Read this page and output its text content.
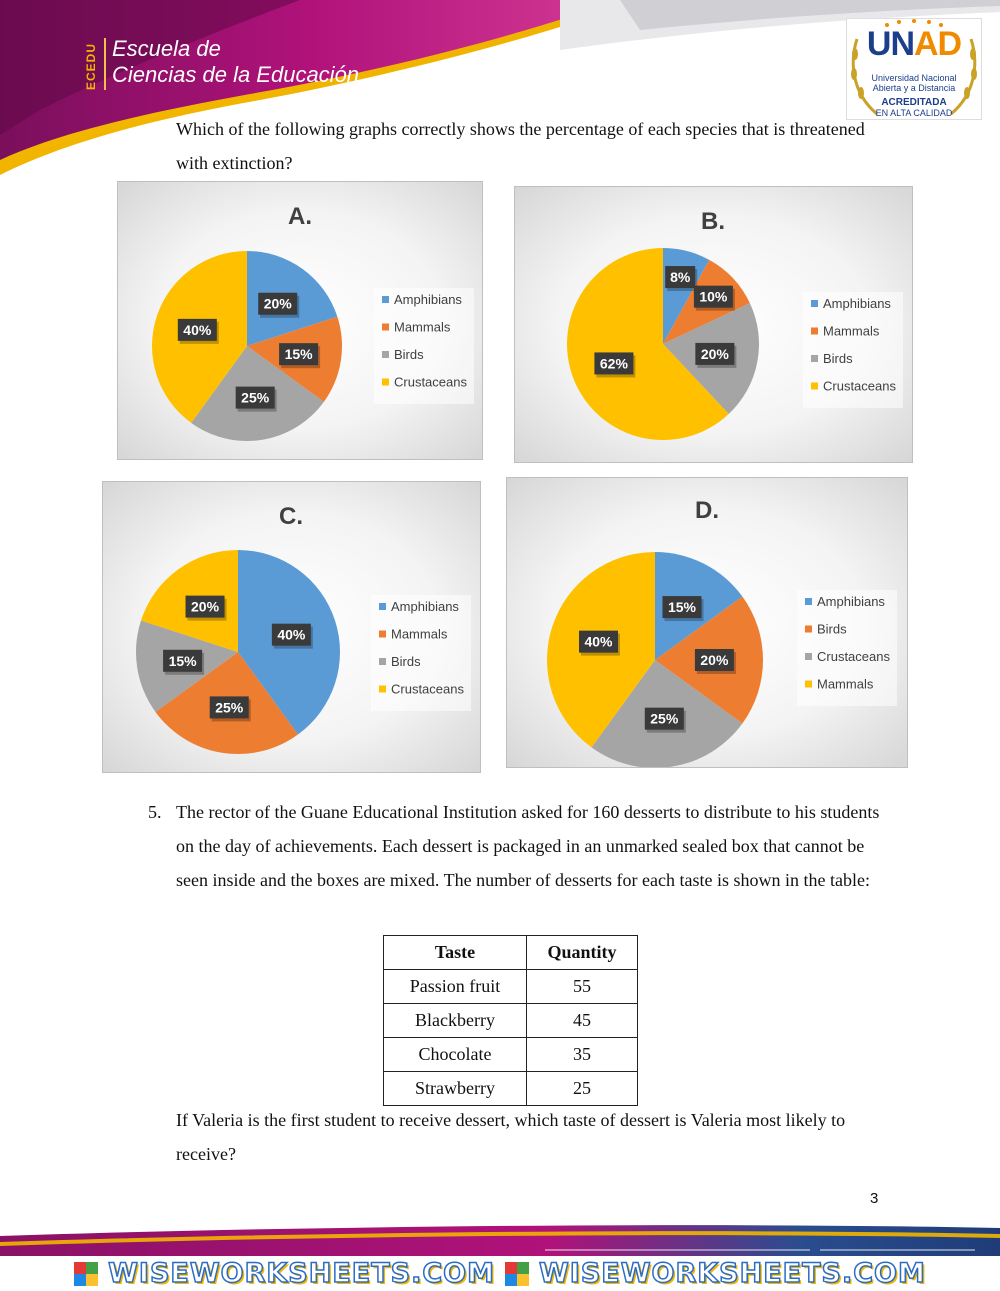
ECEDU Escuela de
Ciencias de la Educación
UNAD
Universidad Nacional
Abierta y a Distancia
ACREDITADA
EN ALTA CALIDAD
Which of the following graphs correctly shows the percentage of each species that is threatened with extinction?
A.
20%
15%
25%
40%
Amphibians
Mammals
Birds
Crustaceans
B.
8%
10%
20%
62%
Amphibians
Mammals
Birds
Crustaceans
C.
40%
25%
15%
20%	Amphibians
Mammals
Birds
Crustaceans
D.
15%
20%
25%
40%
Amphibians
Birds
Crustaceans
Mammals
5. The rector of the Guane Educational Institution asked for 160 desserts to distribute to his students on the day of achievements. Each dessert is packaged in an unmarked sealed box that cannot be seen inside and the boxes are mixed. The number of desserts for each taste is shown in the table:
Taste	Quantity
Passion fruit	55
Blackberry	45
Chocolate	35
Strawberry	25
If Valeria is the first student to receive dessert, which taste of dessert is Valeria most likely to receive?
3
WISEWORKSHEETS.COM WISEWORKSHEETS.COM
